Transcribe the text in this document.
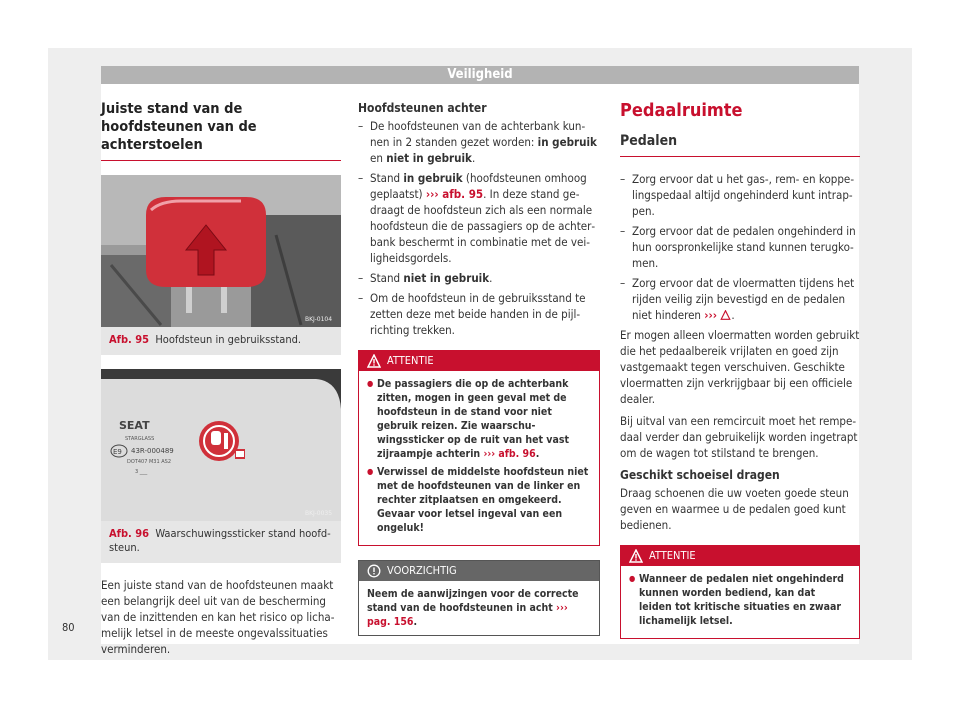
Veiligheid
Juiste stand van de hoofdsteunen van de achterstoelen
BKJ-0104
Afb. 95 Hoofdsteun in gebruiksstand.
SEAT
STARGLASS
E9 43R-000489
DOT407 M31 AS2
3 ___
BKJ-0035
Afb. 96 Waarschuwingssticker stand hoofdsteun.

Een juiste stand van de hoofdsteunen maakt een belangrijk deel uit van de bescherming van de inzittenden en kan het risico op lichamelijk letsel in de meeste ongevalssituaties verminderen.

Hoofdsteunen achter
– De hoofdsteunen van de achterbank kunnen in 2 standen gezet worden: in gebruik en niet in gebruik.
– Stand in gebruik (hoofdsteunen omhoog geplaatst) ››› afb. 95. In deze stand gedraagt de hoofdsteun zich als een normale hoofdsteun die de passagiers op de achterbank beschermt in combinatie met de veiligheidsgordels.
– Stand niet in gebruik.
– Om de hoofdsteun in de gebruiksstand te zetten deze met beide handen in de pijlrichting trekken.
ATTENTIE
● De passagiers die op de achterbank zitten, mogen in geen geval met de hoofdsteun in de stand voor niet gebruik reizen. Zie waarschuwingssticker op de ruit van het vast zijraampje achterin ››› afb. 96.
● Verwissel de middelste hoofdsteun niet met de hoofdsteunen van de linker en rechter zitplaatsen en omgekeerd. Gevaar voor letsel ingeval van een ongeluk!
VOORZICHTIG
Neem de aanwijzingen voor de correcte stand van de hoofdsteunen in acht ››› pag. 156.
Pedaalruimte
Pedalen
– Zorg ervoor dat u het gas-, rem- en koppelingspedaal altijd ongehinderd kunt intrappen.
– Zorg ervoor dat de pedalen ongehinderd in hun oorspronkelijke stand kunnen terugkomen.
– Zorg ervoor dat de vloermatten tijdens het rijden veilig zijn bevestigd en de pedalen niet hinderen ››› .

Er mogen alleen vloermatten worden gebruikt die het pedaalbereik vrijlaten en goed zijn vastgemaakt tegen verschuiven. Geschikte vloermatten zijn verkrijgbaar bij een officiele dealer.

Bij uitval van een remcircuit moet het rempedaal verder dan gebruikelijk worden ingetrapt om de wagen tot stilstand te brengen.

Geschikt schoeisel dragen

Draag schoenen die uw voeten goede steun geven en waarmee u de pedalen goed kunt bedienen.

ATTENTIE
● Wanneer de pedalen niet ongehinderd kunnen worden bediend, kan dat leiden tot kritische situaties en zwaar lichamelijk letsel.
80
